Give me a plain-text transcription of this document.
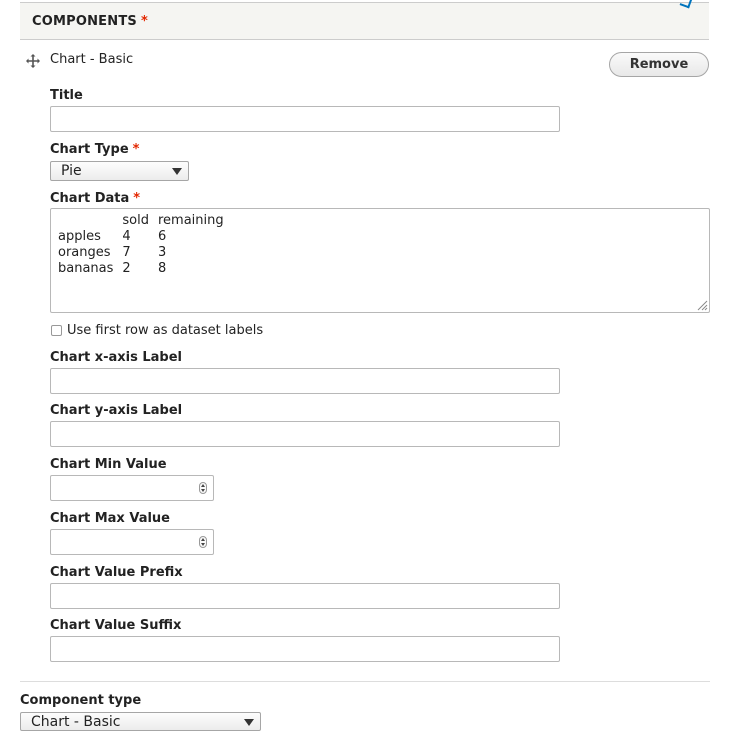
COMPONENTS *
Chart - Basic	Remove
Title
Chart Type *
Pie
Chart Data *
	sold	remaining
apples	4	6
oranges	7	3
bananas	2	8
Use first row as dataset labels
Chart x-axis Label
Chart y-axis Label
Chart Min Value
Chart Max Value
Chart Value Prefix
Chart Value Suffix
Component type
Chart - Basic
